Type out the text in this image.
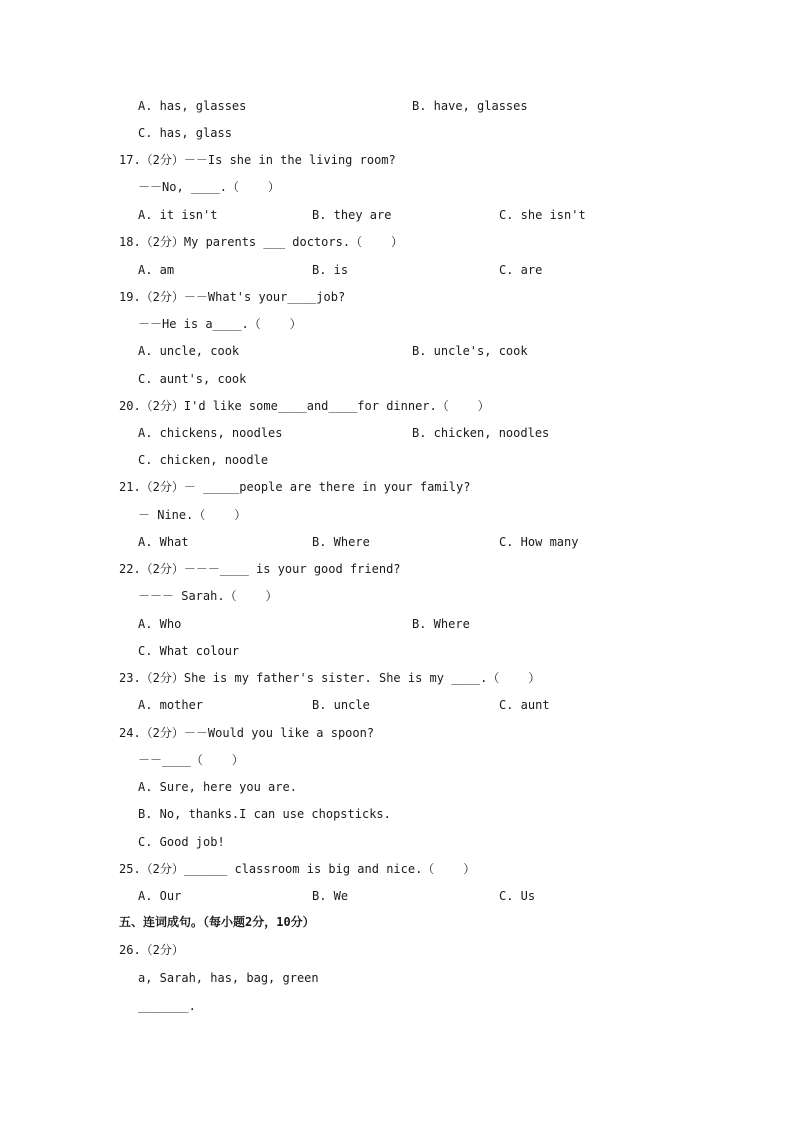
A. has, glasses	B. have, glasses
C. has, glass
17.（2分）－－Is she in the living room?
－－No, ____.（    ）
A. it isn't	B. they are	C. she isn't
18.（2分）My parents ___ doctors.（    ）
A. am	B. is	C. are
19.（2分）－－What's your____job?
－－He is a____.（    ）
A. uncle, cook	B. uncle's, cook
C. aunt's, cook
20.（2分）I'd like some____and____for dinner.（    ）
A. chickens, noodles	B. chicken, noodles
C. chicken, noodle
21.（2分）－ _____people are there in your family?
－ Nine.（    ）
A. What	B. Where	C. How many
22.（2分）－－－____ is your good friend?
－－－ Sarah.（    ）
A. Who	B. Where
C. What colour
23.（2分）She is my father's sister. She is my ____.（    ）
A. mother	B. uncle	C. aunt
24.（2分）－－Would you like a spoon?
－－____（    ）
A. Sure, here you are.
B. No, thanks.I can use chopsticks.
C. Good job!
25.（2分）______ classroom is big and nice.（    ）
A. Our	B. We	C. Us
五、连词成句。（每小题2分，10分）
26.（2分）
a, Sarah, has, bag, green
_______.
